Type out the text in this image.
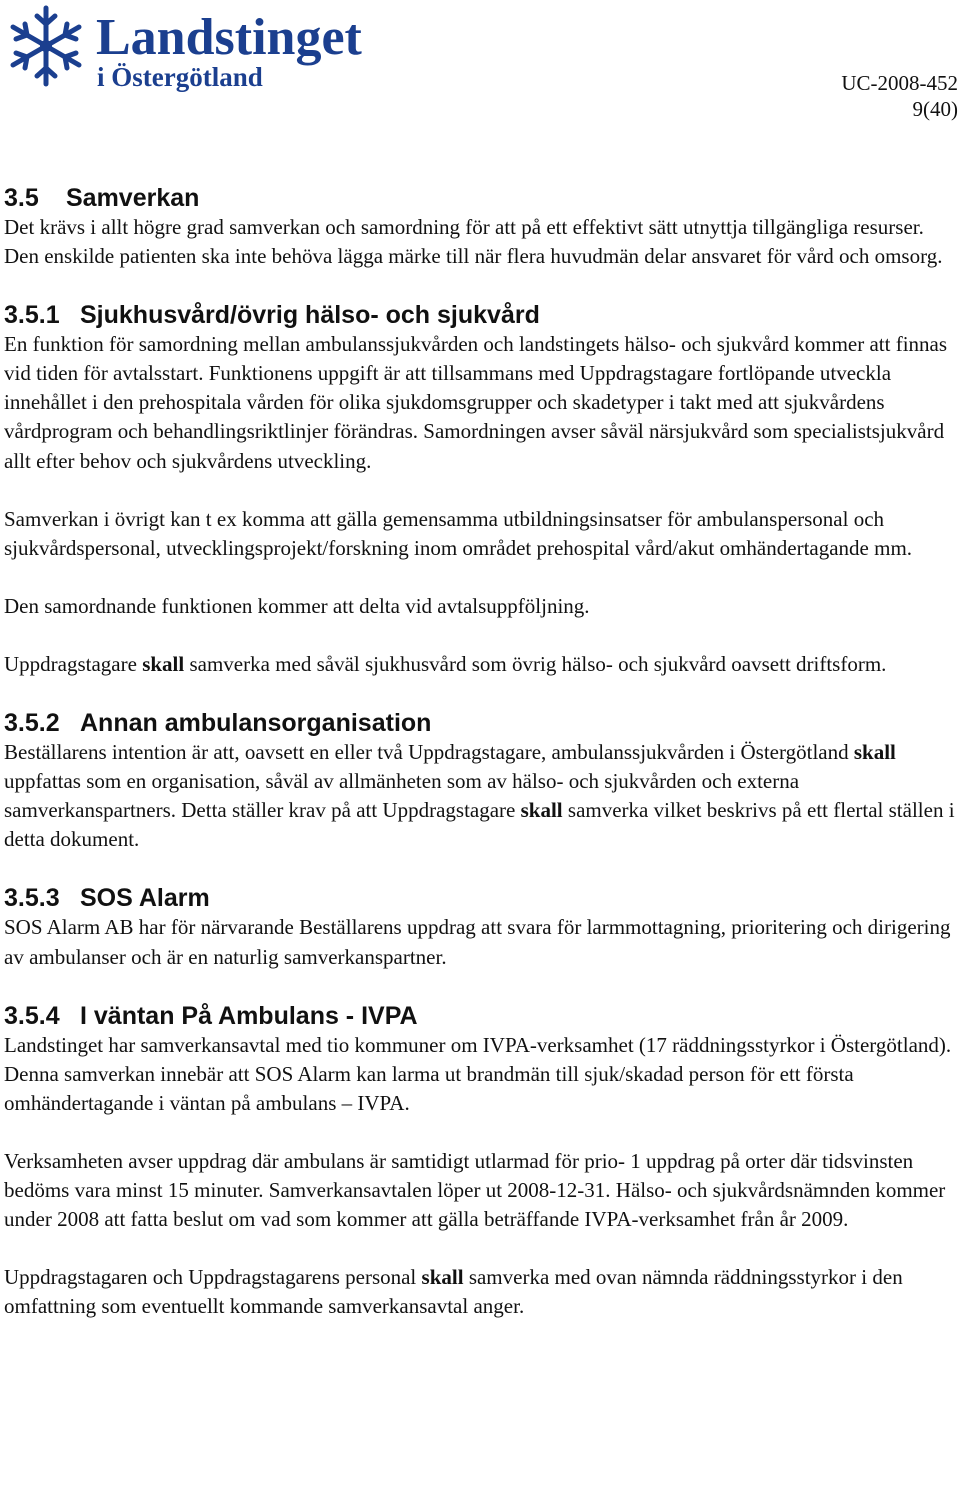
Landstinget
i Östergötland	UC-2008-452
9(40)
3.5 Samverkan

Det krävs i allt högre grad samverkan och samordning för att på ett effektivt sätt utnyttja tillgängliga resurser. Den enskilde patienten ska inte behöva lägga märke till när flera huvudmän delar ansvaret för vård och omsorg.

3.5.1 Sjukhusvård/övrig hälso- och sjukvård

En funktion för samordning mellan ambulanssjukvården och landstingets hälso- och sjukvård kommer att finnas vid tiden för avtalsstart. Funktionens uppgift är att tillsammans med Uppdragstagare fortlöpande utveckla innehållet i den prehospitala vården för olika sjukdomsgrupper och skadetyper i takt med att sjukvårdens vårdprogram och behandlingsriktlinjer förändras. Samordningen avser såväl närsjukvård som specialistsjukvård allt efter behov och sjukvårdens utveckling.

Samverkan i övrigt kan t ex komma att gälla gemensamma utbildningsinsatser för ambulanspersonal och sjukvårdspersonal, utvecklingsprojekt/forskning inom området prehospital vård/akut omhändertagande mm.

Den samordnande funktionen kommer att delta vid avtalsuppföljning.

Uppdragstagare skall samverka med såväl sjukhusvård som övrig hälso- och sjukvård oavsett driftsform.

3.5.2 Annan ambulansorganisation

Beställarens intention är att, oavsett en eller två Uppdragstagare, ambulanssjukvården i Östergötland skall uppfattas som en organisation, såväl av allmänheten som av hälso- och sjukvården och externa samverkanspartners. Detta ställer krav på att Uppdragstagare skall samverka vilket beskrivs på ett flertal ställen i detta dokument.

3.5.3 SOS Alarm

SOS Alarm AB har för närvarande Beställarens uppdrag att svara för larmmottagning, prioritering och dirigering av ambulanser och är en naturlig samverkanspartner.

3.5.4 I väntan På Ambulans - IVPA

Landstinget har samverkansavtal med tio kommuner om IVPA-verksamhet (17 räddningsstyrkor i Östergötland). Denna samverkan innebär att SOS Alarm kan larma ut brandmän till sjuk/skadad person för ett första omhändertagande i väntan på ambulans – IVPA.

Verksamheten avser uppdrag där ambulans är samtidigt utlarmad för prio- 1 uppdrag på orter där tidsvinsten bedöms vara minst 15 minuter. Samverkansavtalen löper ut 2008-12-31. Hälso- och sjukvårdsnämnden kommer under 2008 att fatta beslut om vad som kommer att gälla beträffande IVPA-verksamhet från år 2009.

Uppdragstagaren och Uppdragstagarens personal skall samverka med ovan nämnda räddningsstyrkor i den omfattning som eventuellt kommande samverkansavtal anger.
